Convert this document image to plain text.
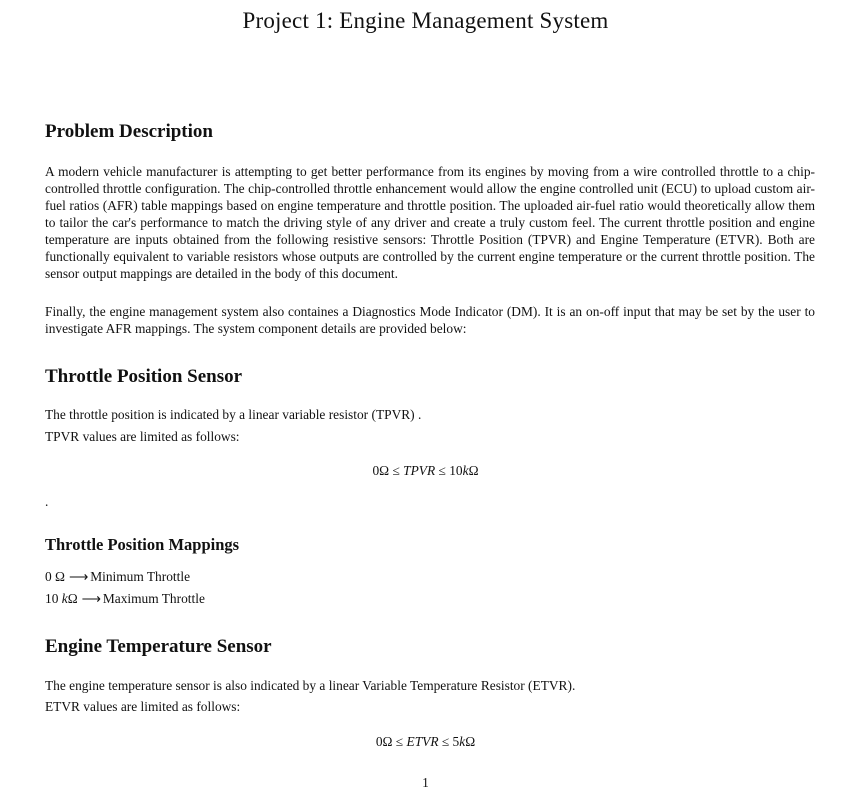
Project 1: Engine Management System
Problem Description

A modern vehicle manufacturer is attempting to get better performance from its engines by moving from a wire controlled throttle to a chip-controlled throttle configuration. The chip-controlled throttle enhancement would allow the engine controlled unit (ECU) to upload custom air-fuel ratios (AFR) table mappings based on engine temperature and throttle position. The uploaded air-fuel ratio would theoretically allow them to tailor the car's performance to match the driving style of any driver and create a truly custom feel. The current throttle position and engine temperature are inputs obtained from the following resistive sensors: Throttle Position (TPVR) and Engine Temperature (ETVR). Both are functionally equivalent to variable resistors whose outputs are controlled by the current engine temperature or the current throttle position. The sensor output mappings are detailed in the body of this document.

Finally, the engine management system also containes a Diagnostics Mode Indicator (DM). It is an on-off input that may be set by the user to investigate AFR mappings. The system component details are provided below:

Throttle Position Sensor

The throttle position is indicated by a linear variable resistor (TPVR) .

TPVR values are limited as follows:

0Ω ≤ TPVR ≤ 10kΩ
.
Throttle Position Mappings

0 Ω ⟶ Minimum Throttle

10 kΩ ⟶ Maximum Throttle

Engine Temperature Sensor

The engine temperature sensor is also indicated by a linear Variable Temperature Resistor (ETVR).

ETVR values are limited as follows:

0Ω ≤ ETVR ≤ 5kΩ
1
